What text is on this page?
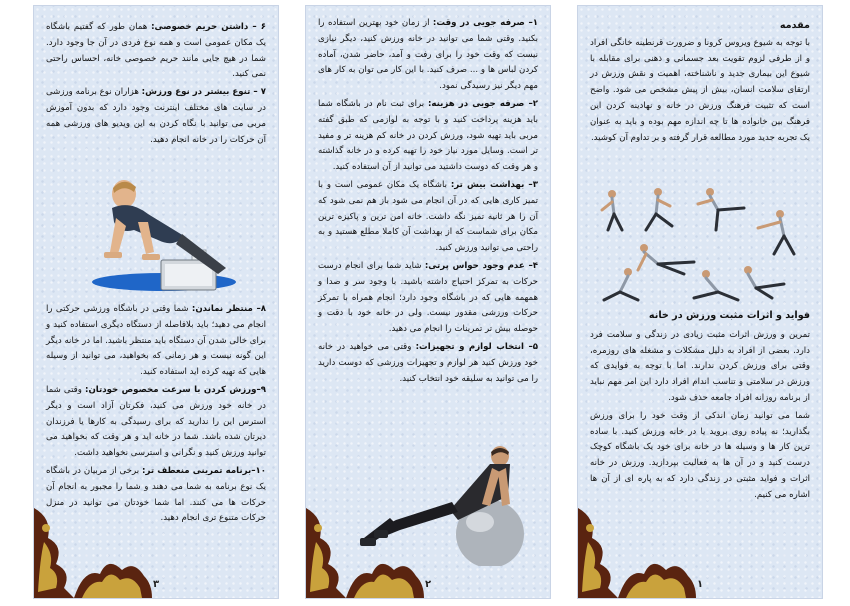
۶ – داشتن حریم خصوصی: همان طور که گفتیم باشگاه یک مکان عمومی است و همه نوع فردی در آن جا وجود دارد. شما در هیچ جایی مانند حریم خصوصی خانه، احساس راحتی نمی کنید.

۷ – تنوع بیشتر در نوع ورزش: هزاران نوع برنامه ورزشی در سایت های مختلف اینترنت وجود دارد که بدون آموزش مربی می توانید با نگاه کردن به این ویدیو های ورزشی همه آن حرکات را در خانه انجام دهید.

۸– منتظر نماندن: شما وقتی در باشگاه ورزشی حرکتی را انجام می دهید؛ باید بلافاصله از دستگاه دیگری استفاده کنید و برای خالی شدن آن دستگاه باید منتظر باشید. اما در خانه دیگر این گونه نیست و هر زمانی که بخواهید، می توانید از وسیله هایی که تهیه کرده اید استفاده کنید.

۹–ورزش کردن با سرعت مخصوص خودتان: وقتی شما در خانه خود ورزش می کنید، فکرتان آزاد است و دیگر استرس این را ندارید که برای رسیدگی به کارها یا فرزندان دیرتان شده باشد. شما در خانه اید و هر وقت که بخواهید می توانید ورزش کنید و نگرانی و استرسی نخواهید داشت.

۱۰–برنامه تمرینی منعطف تر: برخی از مربیان در باشگاه یک نوع برنامه به شما می دهند و شما را مجبور به انجام آن حرکات ها می کنند. اما شما خودتان می توانید در منزل حرکات متنوع تری انجام دهید.

۳

۱– صرفه جویی در وقت: از زمان خود بهترین استفاده را بکنید. وقتی شما می توانید در خانه ورزش کنید، دیگر نیازی نیست که وقت خود را برای رفت و آمد، حاضر شدن، آماده کردن لباس ها و ... صرف کنید. با این کار می توان به کار های مهم دیگر نیز رسیدگی نمود.

۲– صرفه جویی در هزینه: برای ثبت نام در باشگاه شما باید هزینه پرداخت کنید و با توجه به لوازمی که طبق گفته مربی باید تهیه شود، ورزش کردن در خانه کم هزینه تر و مفید تر است. وسایل مورد نیاز خود را تهیه کرده و در خانه گذاشته و هر وقت که دوست داشتید می توانید از آن استفاده کنید.

۳– بهداشت بیش تر: باشگاه یک مکان عمومی است و با تمیز کاری هایی که در آن انجام می شود باز هم نمی شود که آن را هر ثانیه تمیز نگه داشت. خانه امن ترین و پاکیزه ترین مکان برای شماست که از بهداشت آن کاملا مطلع هستید و به راحتی می توانید ورزش کنید.

۴– عدم وجود حواس پرتی: شاید شما برای انجام درست حرکات به تمرکز احتیاج داشته باشید. با وجود سر و صدا و همهمه هایی که در باشگاه وجود دارد؛ انجام همراه با تمرکز حرکات ورزشی مقدور نیست. ولی در خانه خود با دقت و حوصله بیش تر تمرینات را انجام می دهید.

۵– انتخاب لوازم و تجهیزات: وقتی می خواهید در خانه خود ورزش کنید هر لوازم و تجهیزات ورزشی که دوست دارید را می توانید به سلیقه خود انتخاب کنید.

۲

مقدمه

با توجه به شیوع ویروس کرونا و ضرورت قرنطینه خانگی افراد و از طرفی لزوم تقویت بعد جسمانی و ذهنی برای مقابله با شیوع این بیماری جدید و ناشناخته، اهمیت و نقش ورزش در ارتقای سلامت انسان، بیش از پیش مشخص می شود. واضح است که تثبیت فرهنگ ورزش در خانه و نهادینه کردن این فرهنگ بین خانواده ها تا چه اندازه مهم بوده و باید به عنوان یک تجربه جدید مورد مطالعه قرار گرفته و بر تداوم آن کوشید.

فواید و اثرات مثبت ورزش در خانه

تمرین و ورزش اثرات مثبت زیادی در زندگی و سلامت فرد دارد. بعضی از افراد به دلیل مشکلات و مشغله های روزمره، وقتی برای ورزش کردن ندارند. اما با توجه به فوایدی که ورزش در سلامتی و تناسب اندام افراد دارد این امر مهم نباید از برنامه روزانه افراد جامعه حذف شود.

شما می توانید زمان اندکی از وقت خود را برای ورزش بگذارید؛ نه پیاده روی بروید یا در خانه ورزش کنید. با ساده ترین کار ها و وسیله ها در خانه برای خود یک باشگاه کوچک درست کنید و در آن ها به فعالیت بپردازید. ورزش در خانه اثرات و فواید مثبتی در زندگی دارد که به پاره ای از آن ها اشاره می کنیم.

۱
